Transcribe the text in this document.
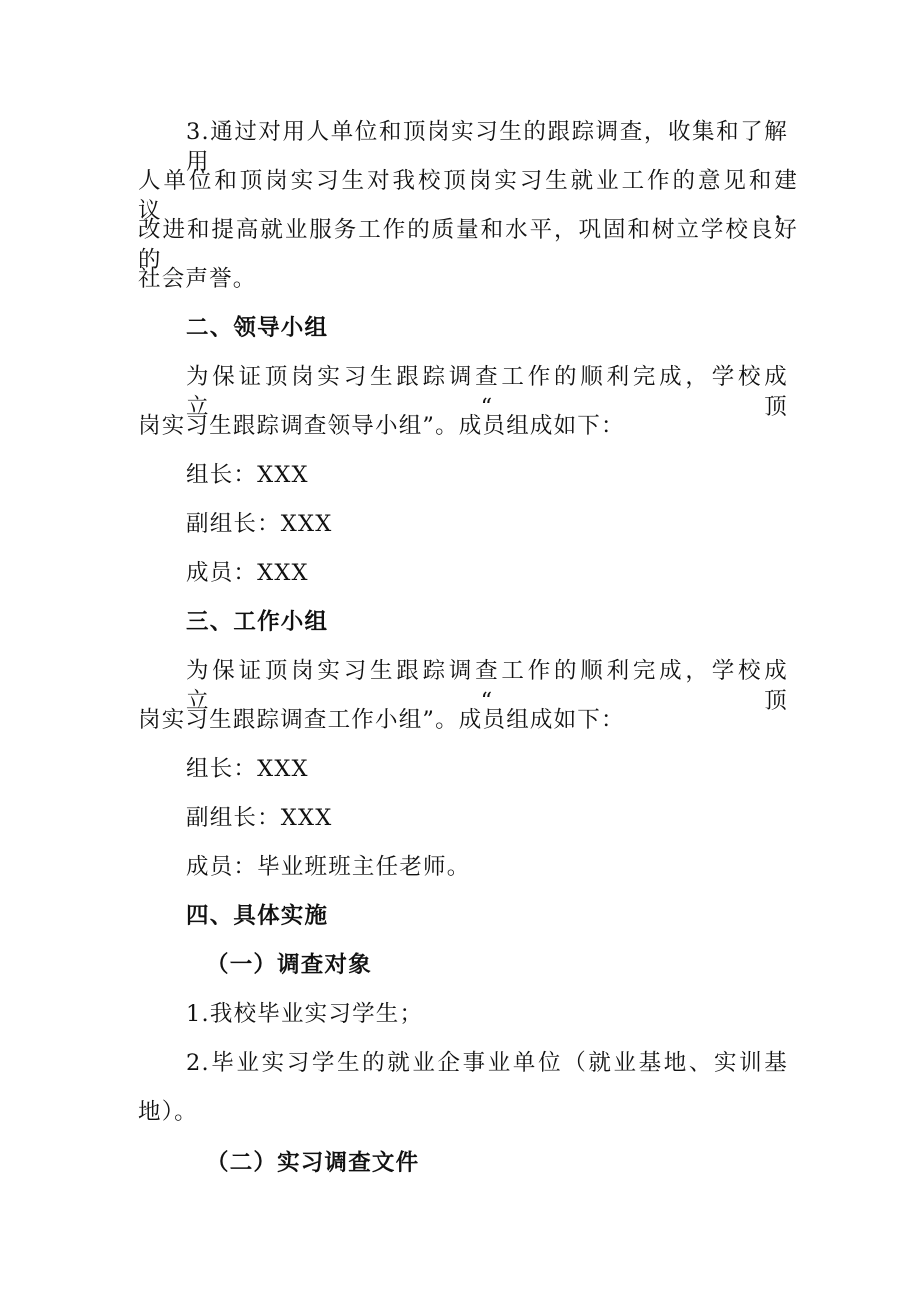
3.通过对用人单位和顶岗实习生的跟踪调查，收集和了解用
人单位和顶岗实习生对我校顶岗实习生就业工作的意见和建议，
改进和提高就业服务工作的质量和水平，巩固和树立学校良好的
社会声誉。
二、领导小组
为保证顶岗实习生跟踪调查工作的顺利完成，学校成立“顶
岗实习生跟踪调查领导小组”。成员组成如下：
组长：XXX
副组长：XXX
成员：XXX
三、工作小组
为保证顶岗实习生跟踪调查工作的顺利完成，学校成立“顶
岗实习生跟踪调查工作小组”。成员组成如下：
组长：XXX
副组长：XXX
成员：毕业班班主任老师。
四、具体实施
（一）调查对象
1.我校毕业实习学生；
2.毕业实习学生的就业企事业单位（就业基地、实训基
地）。
（二）实习调查文件
